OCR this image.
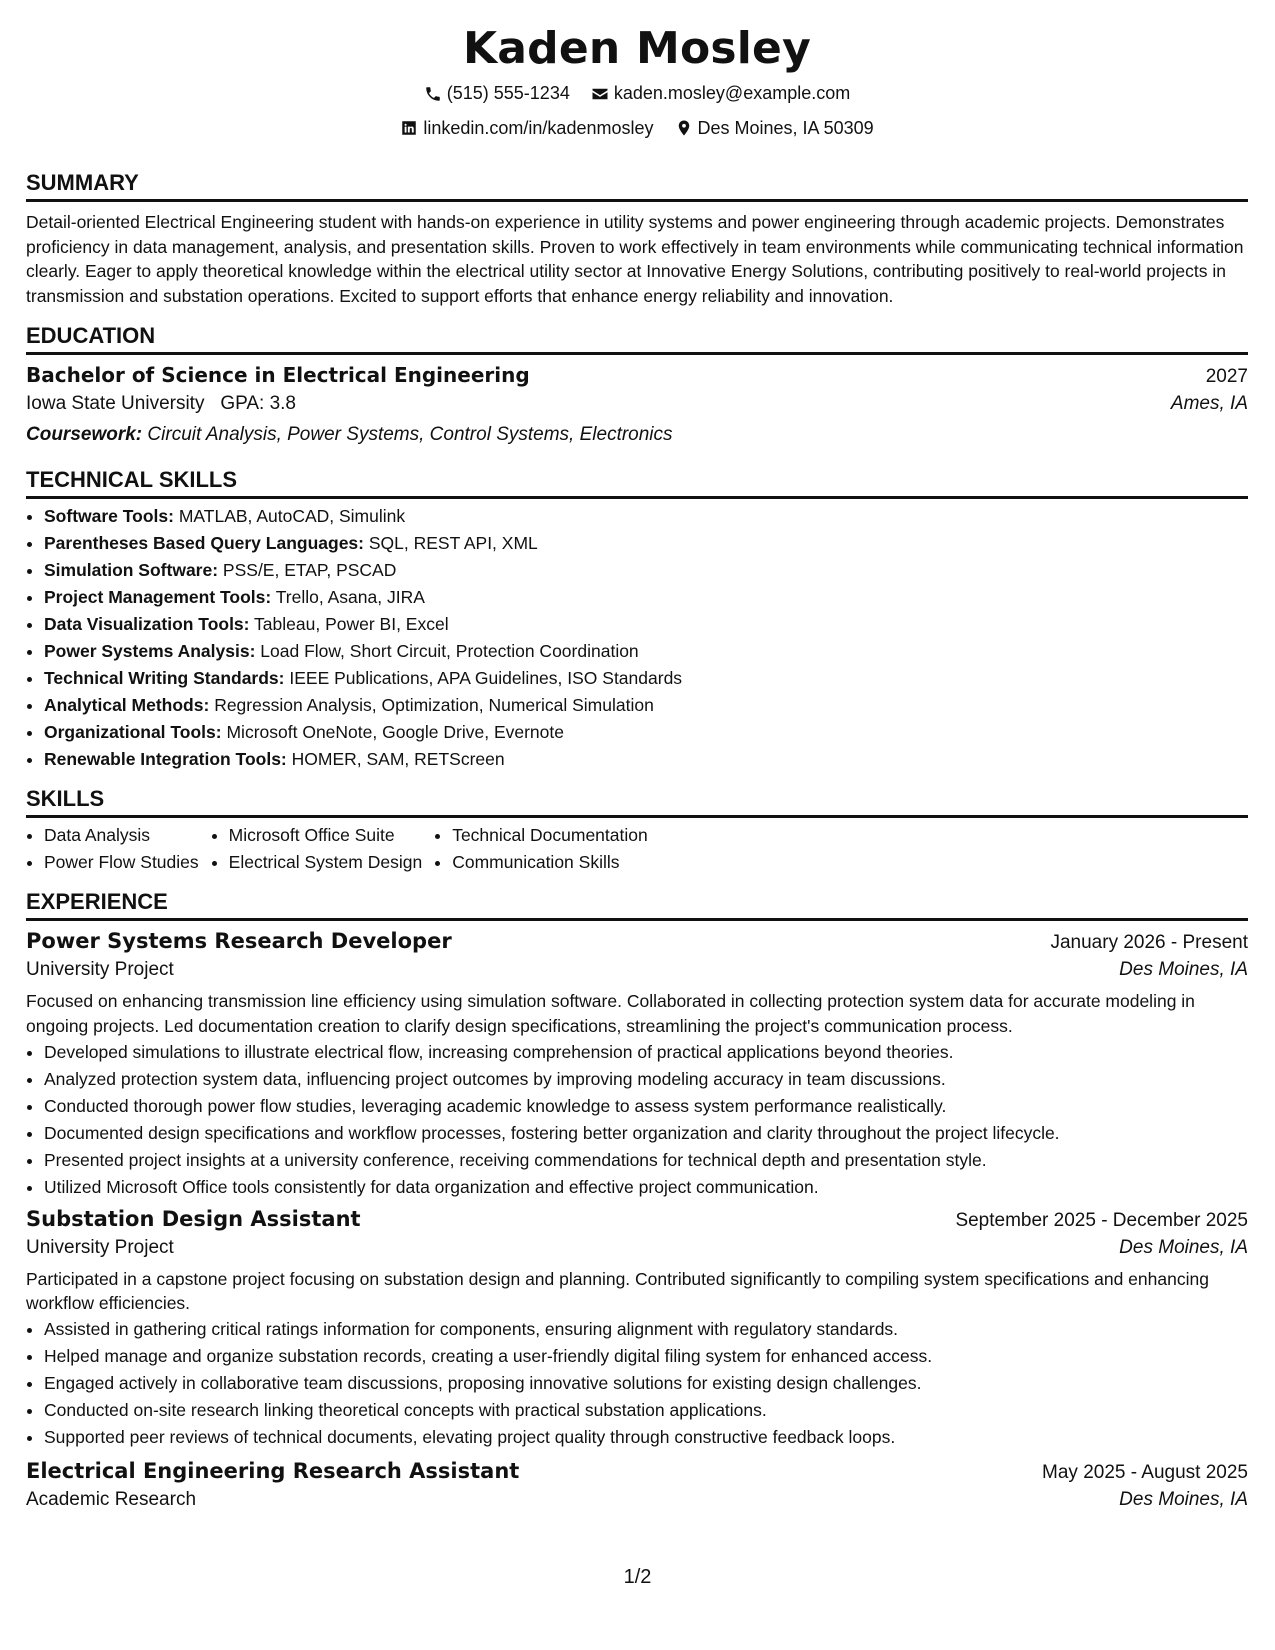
Kaden Mosley
(515) 555-1234
kaden.mosley@example.com
linkedin.com/in/kadenmosley
Des Moines, IA 50309
SUMMARY

Detail-oriented Electrical Engineering student with hands-on experience in utility systems and power engineering through academic projects. Demonstrates proficiency in data management, analysis, and presentation skills. Proven to work effectively in team environments while communicating technical information clearly. Eager to apply theoretical knowledge within the electrical utility sector at Innovative Energy Solutions, contributing positively to real-world projects in transmission and substation operations. Excited to support efforts that enhance energy reliability and innovation.

EDUCATION
Bachelor of Science in Electrical Engineering	2027
Iowa State University GPA: 3.8	Ames, IA
Coursework: Circuit Analysis, Power Systems, Control Systems, Electronics
TECHNICAL SKILLS
• Software Tools: MATLAB, AutoCAD, Simulink
• Parentheses Based Query Languages: SQL, REST API, XML
• Simulation Software: PSS/E, ETAP, PSCAD
• Project Management Tools: Trello, Asana, JIRA
• Data Visualization Tools: Tableau, Power BI, Excel
• Power Systems Analysis: Load Flow, Short Circuit, Protection Coordination
• Technical Writing Standards: IEEE Publications, APA Guidelines, ISO Standards
• Analytical Methods: Regression Analysis, Optimization, Numerical Simulation
• Organizational Tools: Microsoft OneNote, Google Drive, Evernote
• Renewable Integration Tools: HOMER, SAM, RETScreen
SKILLS
• Data Analysis
• Power Flow Studies
• Microsoft Office Suite
• Electrical System Design
• Technical Documentation
• Communication Skills
EXPERIENCE
Power Systems Research Developer	January 2026 - Present
University Project	Des Moines, IA

Focused on enhancing transmission line efficiency using simulation software. Collaborated in collecting protection system data for accurate modeling in ongoing projects. Led documentation creation to clarify design specifications, streamlining the project's communication process.

• Developed simulations to illustrate electrical flow, increasing comprehension of practical applications beyond theories.
• Analyzed protection system data, influencing project outcomes by improving modeling accuracy in team discussions.
• Conducted thorough power flow studies, leveraging academic knowledge to assess system performance realistically.
• Documented design specifications and workflow processes, fostering better organization and clarity throughout the project lifecycle.
• Presented project insights at a university conference, receiving commendations for technical depth and presentation style.
• Utilized Microsoft Office tools consistently for data organization and effective project communication.
Substation Design Assistant	September 2025 - December 2025
University Project	Des Moines, IA

Participated in a capstone project focusing on substation design and planning. Contributed significantly to compiling system specifications and enhancing workflow efficiencies.

• Assisted in gathering critical ratings information for components, ensuring alignment with regulatory standards.
• Helped manage and organize substation records, creating a user-friendly digital filing system for enhanced access.
• Engaged actively in collaborative team discussions, proposing innovative solutions for existing design challenges.
• Conducted on-site research linking theoretical concepts with practical substation applications.
• Supported peer reviews of technical documents, elevating project quality through constructive feedback loops.
Electrical Engineering Research Assistant	May 2025 - August 2025
Academic Research	Des Moines, IA
1/2
